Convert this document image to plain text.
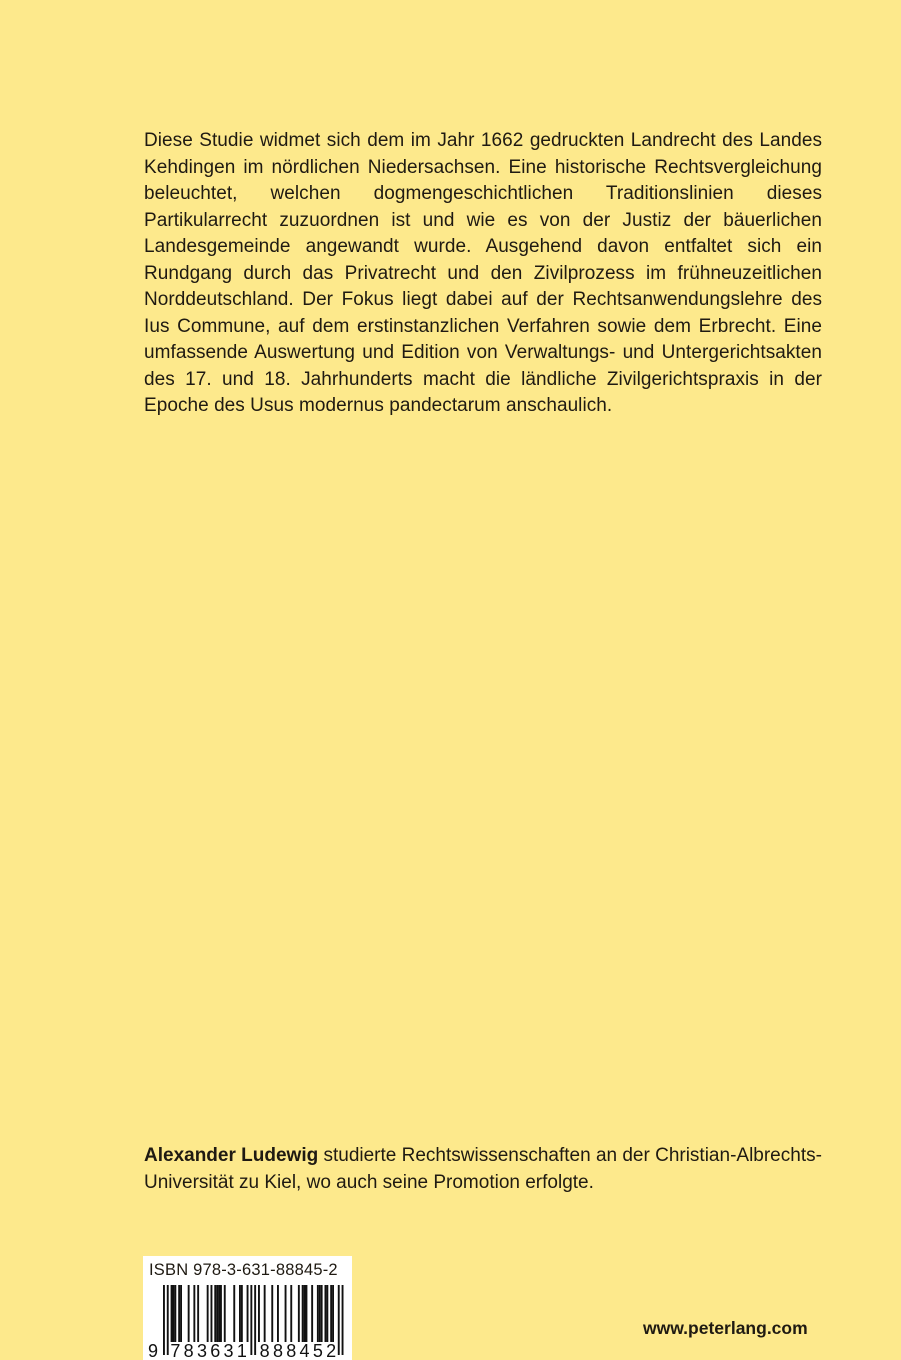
Diese Studie widmet sich dem im Jahr 1662 gedruckten Landrecht des Landes Kehdingen im nördlichen Niedersachsen. Eine historische Rechtsvergleichung beleuchtet, welchen dogmengeschichtlichen Traditionslinien dieses Partikularrecht zuzuordnen ist und wie es von der Justiz der bäuerlichen Landesgemeinde angewandt wurde. Ausgehend davon entfaltet sich ein Rundgang durch das Privatrecht und den Zivilprozess im frühneuzeitlichen Norddeutschland. Der Fokus liegt dabei auf der Rechtsanwendungslehre des Ius Commune, auf dem erstinstanzlichen Verfahren sowie dem Erbrecht. Eine umfassende Auswertung und Edition von Verwaltungs- und Untergerichtsakten des 17. und 18. Jahrhunderts macht die ländliche Zivilgerichtspraxis in der Epoche des Usus modernus pandectarum anschaulich.

Alexander Ludewig studierte Rechtswissenschaften an der Christian-Albrechts-Universität zu Kiel, wo auch seine Promotion erfolgte.

ISBN 978-3-631-88845-2
9 7 8 3 6 3 1 8 8 8 4 5 2
www.peterlang.com
